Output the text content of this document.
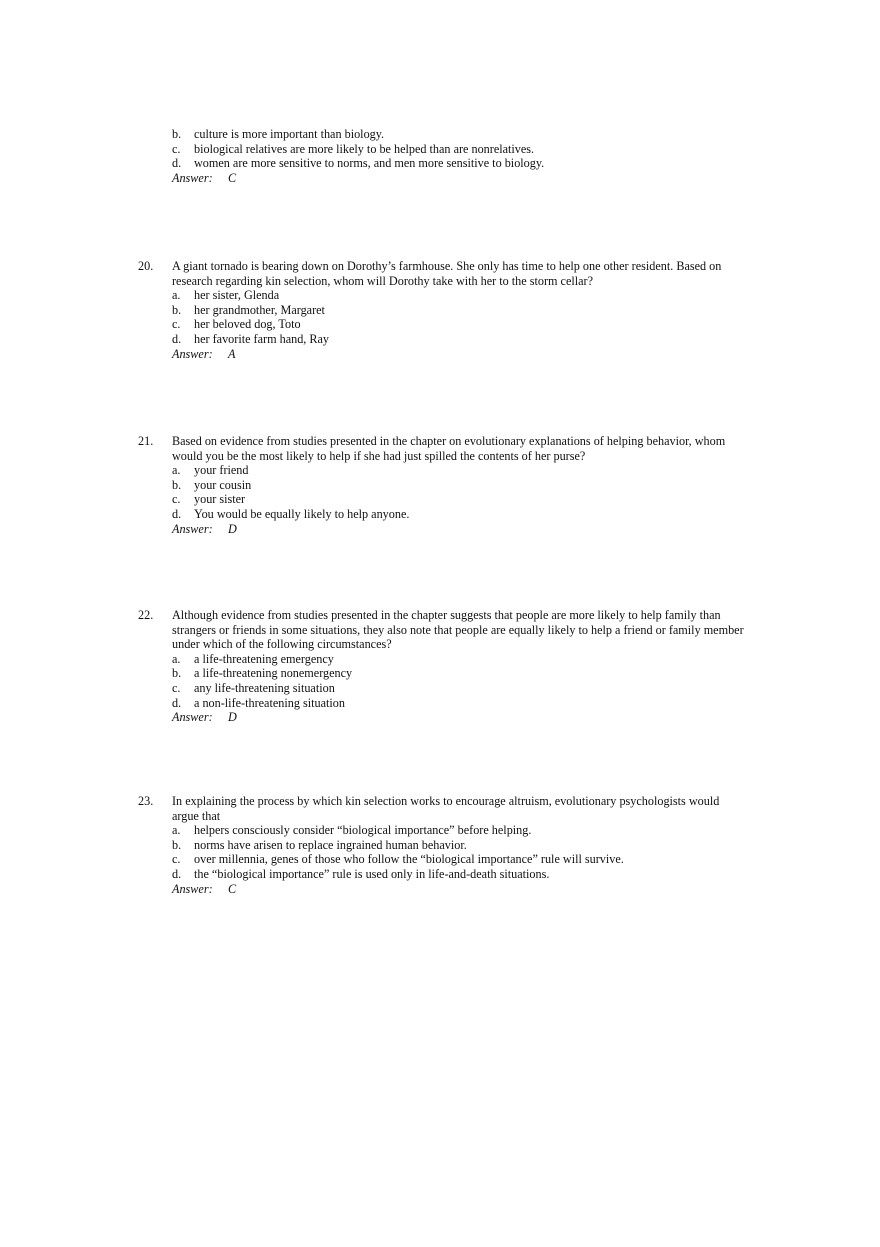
b. culture is more important than biology.
c. biological relatives are more likely to be helped than are nonrelatives.
d. women are more sensitive to norms, and men more sensitive to biology.
Answer: C
20. A giant tornado is bearing down on Dorothy’s farmhouse. She only has time to help one other resident. Based on research regarding kin selection, whom will Dorothy take with her to the storm cellar?
a. her sister, Glenda
b. her grandmother, Margaret
c. her beloved dog, Toto
d. her favorite farm hand, Ray
Answer: A
21. Based on evidence from studies presented in the chapter on evolutionary explanations of helping behavior, whom would you be the most likely to help if she had just spilled the contents of her purse?
a. your friend
b. your cousin
c. your sister
d. You would be equally likely to help anyone.
Answer: D
22. Although evidence from studies presented in the chapter suggests that people are more likely to help family than strangers or friends in some situations, they also note that people are equally likely to help a friend or family member under which of the following circumstances?
a. a life-threatening emergency
b. a life-threatening nonemergency
c. any life-threatening situation
d. a non-life-threatening situation
Answer: D
23. In explaining the process by which kin selection works to encourage altruism, evolutionary psychologists would argue that
a. helpers consciously consider “biological importance” before helping.
b. norms have arisen to replace ingrained human behavior.
c. over millennia, genes of those who follow the “biological importance” rule will survive.
d. the “biological importance” rule is used only in life-and-death situations.
Answer: C
